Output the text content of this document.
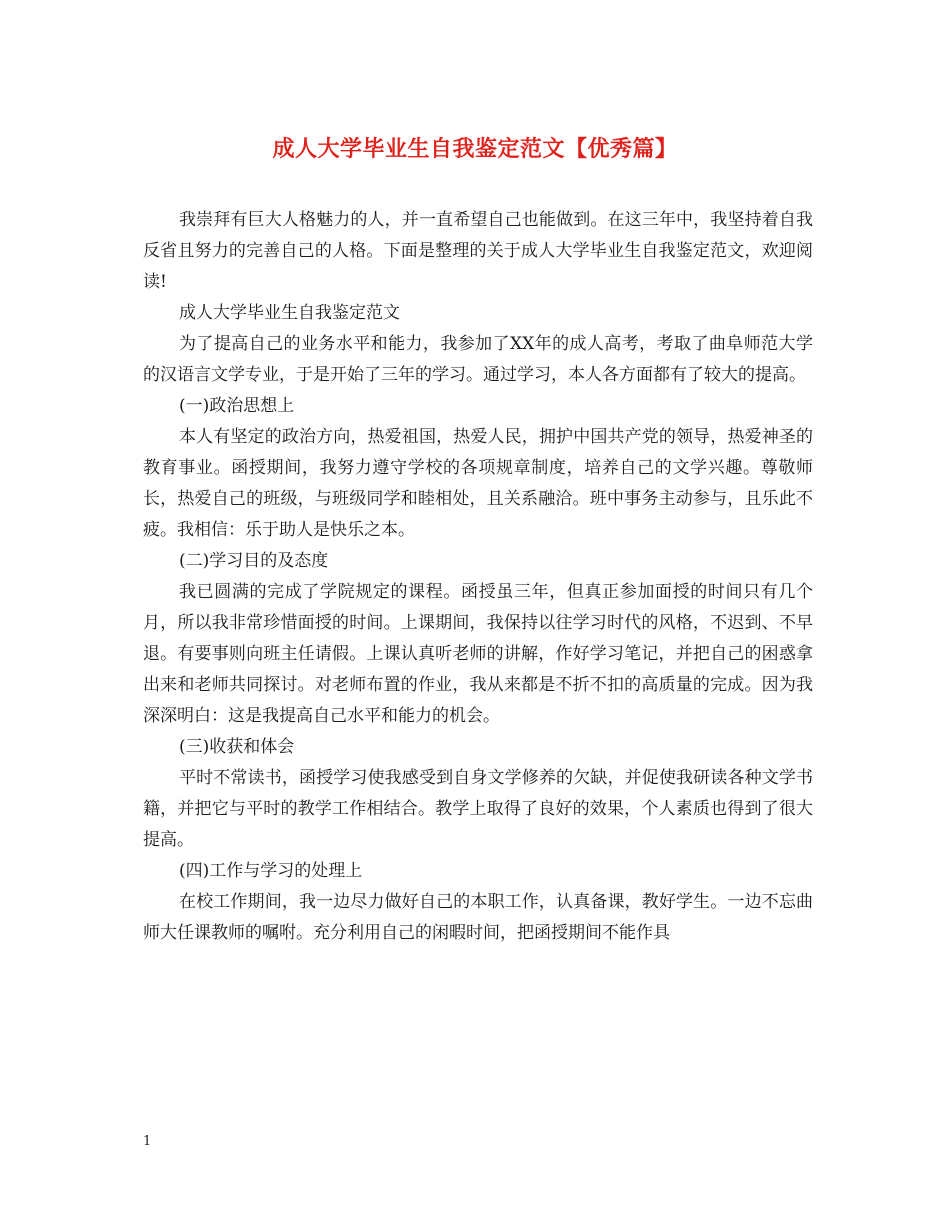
成人大学毕业生自我鉴定范文【优秀篇】

我崇拜有巨大人格魅力的人，并一直希望自己也能做到。在这三年中，我坚持着自我反省且努力的完善自己的人格。下面是整理的关于成人大学毕业生自我鉴定范文，欢迎阅读!

成人大学毕业生自我鉴定范文

为了提高自己的业务水平和能力，我参加了XX年的成人高考，考取了曲阜师范大学的汉语言文学专业，于是开始了三年的学习。通过学习，本人各方面都有了较大的提高。

(一)政治思想上

本人有坚定的政治方向，热爱祖国，热爱人民，拥护中国共产党的领导，热爱神圣的教育事业。函授期间，我努力遵守学校的各项规章制度，培养自己的文学兴趣。尊敬师长，热爱自己的班级，与班级同学和睦相处，且关系融洽。班中事务主动参与，且乐此不疲。我相信：乐于助人是快乐之本。

(二)学习目的及态度

我已圆满的完成了学院规定的课程。函授虽三年，但真正参加面授的时间只有几个月，所以我非常珍惜面授的时间。上课期间，我保持以往学习时代的风格，不迟到、不早退。有要事则向班主任请假。上课认真听老师的讲解，作好学习笔记，并把自己的困惑拿出来和老师共同探讨。对老师布置的作业，我从来都是不折不扣的高质量的完成。因为我深深明白：这是我提高自己水平和能力的机会。

(三)收获和体会

平时不常读书，函授学习使我感受到自身文学修养的欠缺，并促使我研读各种文学书籍，并把它与平时的教学工作相结合。教学上取得了良好的效果，个人素质也得到了很大提高。

(四)工作与学习的处理上

在校工作期间，我一边尽力做好自己的本职工作，认真备课，教好学生。一边不忘曲师大任课教师的嘱咐。充分利用自己的闲暇时间，把函授期间不能作具

1
